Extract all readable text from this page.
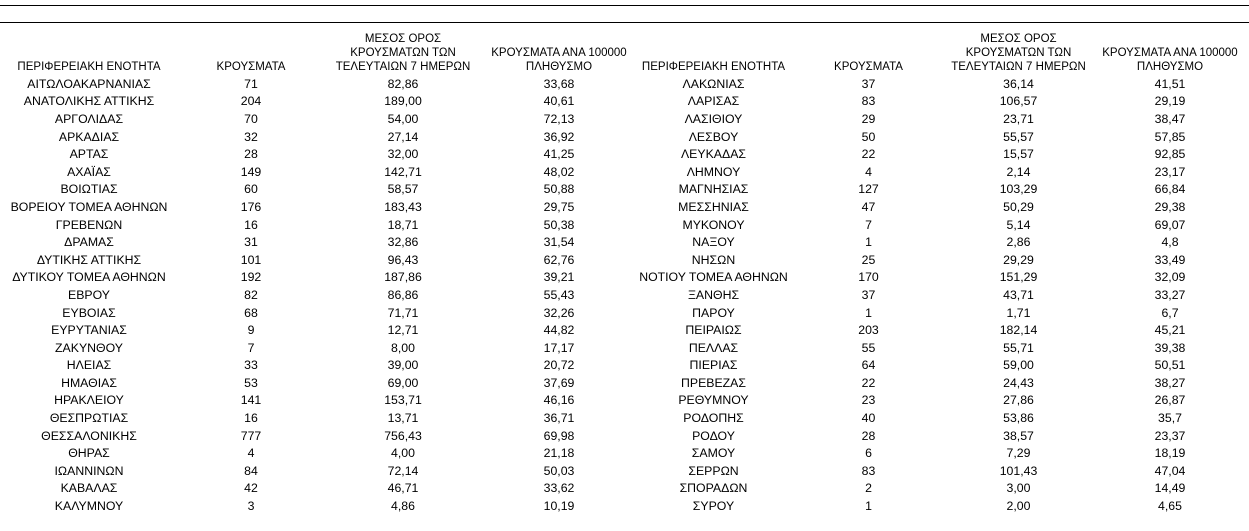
ΠΕΡΙΦΕΡΕΙΑΚΗ ΕΝΟΤΗΤΑ	ΚΡΟΥΣΜΑΤΑ	ΜΕΣΟΣ ΟΡΟΣ
ΚΡΟΥΣΜΑΤΩΝ ΤΩΝ
ΤΕΛΕΥΤΑΙΩΝ 7 ΗΜΕΡΩΝ	ΚΡΟΥΣΜΑΤΑ ΑΝΑ 100000
ΠΛΗΘΥΣΜΟ	ΠΕΡΙΦΕΡΕΙΑΚΗ ΕΝΟΤΗΤΑ	ΚΡΟΥΣΜΑΤΑ	ΜΕΣΟΣ ΟΡΟΣ
ΚΡΟΥΣΜΑΤΩΝ ΤΩΝ
ΤΕΛΕΥΤΑΙΩΝ 7 ΗΜΕΡΩΝ	ΚΡΟΥΣΜΑΤΑ ΑΝΑ 100000
ΠΛΗΘΥΣΜΟ

ΑΙΤΩΛΟΑΚΑΡΝΑΝΙΑΣ	71	82,86	33,68	ΛΑΚΩΝΙΑΣ	37	36,14	41,51
ΑΝΑΤΟΛΙΚΗΣ ΑΤΤΙΚΗΣ	204	189,00	40,61	ΛΑΡΙΣΑΣ	83	106,57	29,19
ΑΡΓΟΛΙΔΑΣ	70	54,00	72,13	ΛΑΣΙΘΙΟΥ	29	23,71	38,47
ΑΡΚΑΔΙΑΣ	32	27,14	36,92	ΛΕΣΒΟΥ	50	55,57	57,85
ΑΡΤΑΣ	28	32,00	41,25	ΛΕΥΚΑΔΑΣ	22	15,57	92,85
ΑΧΑΪΑΣ	149	142,71	48,02	ΛΗΜΝΟΥ	4	2,14	23,17
ΒΟΙΩΤΙΑΣ	60	58,57	50,88	ΜΑΓΝΗΣΙΑΣ	127	103,29	66,84
ΒΟΡΕΙΟΥ ΤΟΜΕΑ ΑΘΗΝΩΝ	176	183,43	29,75	ΜΕΣΣΗΝΙΑΣ	47	50,29	29,38
ΓΡΕΒΕΝΩΝ	16	18,71	50,38	ΜΥΚΟΝΟΥ	7	5,14	69,07
ΔΡΑΜΑΣ	31	32,86	31,54	ΝΑΞΟΥ	1	2,86	4,8
ΔΥΤΙΚΗΣ ΑΤΤΙΚΗΣ	101	96,43	62,76	ΝΗΣΩΝ	25	29,29	33,49
ΔΥΤΙΚΟΥ ΤΟΜΕΑ ΑΘΗΝΩΝ	192	187,86	39,21	ΝΟΤΙΟΥ ΤΟΜΕΑ ΑΘΗΝΩΝ	170	151,29	32,09
ΕΒΡΟΥ	82	86,86	55,43	ΞΑΝΘΗΣ	37	43,71	33,27
ΕΥΒΟΙΑΣ	68	71,71	32,26	ΠΑΡΟΥ	1	1,71	6,7
ΕΥΡΥΤΑΝΙΑΣ	9	12,71	44,82	ΠΕΙΡΑΙΩΣ	203	182,14	45,21
ΖΑΚΥΝΘΟΥ	7	8,00	17,17	ΠΕΛΛΑΣ	55	55,71	39,38
ΗΛΕΙΑΣ	33	39,00	20,72	ΠΙΕΡΙΑΣ	64	59,00	50,51
ΗΜΑΘΙΑΣ	53	69,00	37,69	ΠΡΕΒΕΖΑΣ	22	24,43	38,27
ΗΡΑΚΛΕΙΟΥ	141	153,71	46,16	ΡΕΘΥΜΝΟΥ	23	27,86	26,87
ΘΕΣΠΡΩΤΙΑΣ	16	13,71	36,71	ΡΟΔΟΠΗΣ	40	53,86	35,7
ΘΕΣΣΑΛΟΝΙΚΗΣ	777	756,43	69,98	ΡΟΔΟΥ	28	38,57	23,37
ΘΗΡΑΣ	4	4,00	21,18	ΣΑΜΟΥ	6	7,29	18,19
ΙΩΑΝΝΙΝΩΝ	84	72,14	50,03	ΣΕΡΡΩΝ	83	101,43	47,04
ΚΑΒΑΛΑΣ	42	46,71	33,62	ΣΠΟΡΑΔΩΝ	2	3,00	14,49
ΚΑΛΥΜΝΟΥ	3	4,86	10,19	ΣΥΡΟΥ	1	2,00	4,65
